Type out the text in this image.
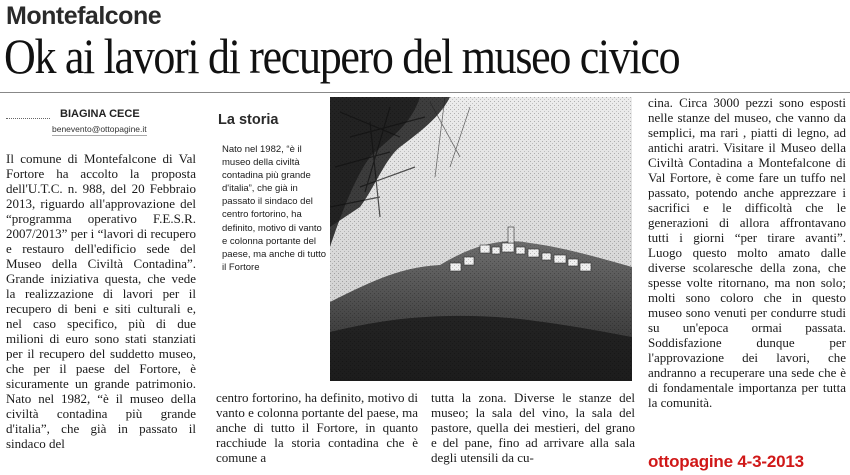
Montefalcone
Ok ai lavori di recupero del museo civico
BIAGINA CECE
benevento@ottopagine.it

Il comune di Montefalcone di Val Fortore ha accolto la proposta dell'U.T.C. n. 988, del 20 Febbraio 2013, riguardo all'approvazione del “programma operativo F.E.S.R. 2007/2013” per i “lavori di recupero e restauro dell'edificio sede del Museo della Civiltà Contadina”. Grande iniziativa questa, che vede la realizzazione di lavori per il recupero di beni e siti culturali e, nel caso specifico, più di due milioni di euro sono stati stanziati per il recupero del suddetto museo, che per il paese del Fortore, è sicuramente un grande patrimonio. Nato nel 1982, “è il museo della civiltà contadina più grande d'italia”, che già in passato il sindaco del

La storia
Nato nel 1982, “è il museo della civiltà contadina più grande d'italia”, che già in passato il sindaco del centro fortorino, ha definito, motivo di vanto e colonna portante del paese, ma anche di tutto il Fortore

centro fortorino, ha definito, motivo di vanto e colonna portante del paese, ma anche di tutto il Fortore, in quanto racchiude la storia contadina che è comune a

tutta la zona. Diverse le stanze del museo; la sala del vino, la sala del pastore, quella dei mestieri, del grano e del pane, fino ad arrivare alla sala degli utensili da cu-

cina. Circa 3000 pezzi sono esposti nelle stanze del museo, che vanno da semplici, ma rari , piatti di legno, ad antichi aratri. Visitare il Museo della Civiltà Contadina a Montefalcone di Val Fortore, è come fare un tuffo nel passato, potendo anche apprezzare i sacrifici e le difficoltà che le generazioni di allora affrontavano tutti i giorni “per tirare avanti”. Luogo questo molto amato dalle diverse scolaresche della zona, che spesse volte ritornano, ma non solo; molti sono coloro che in questo museo sono venuti per condurre studi su un'epoca ormai passata. Soddisfazione dunque per l'approvazione dei lavori, che andranno a recuperare una sede che è di fondamentale importanza per tutta la comunità.

ottopagine 4-3-2013
